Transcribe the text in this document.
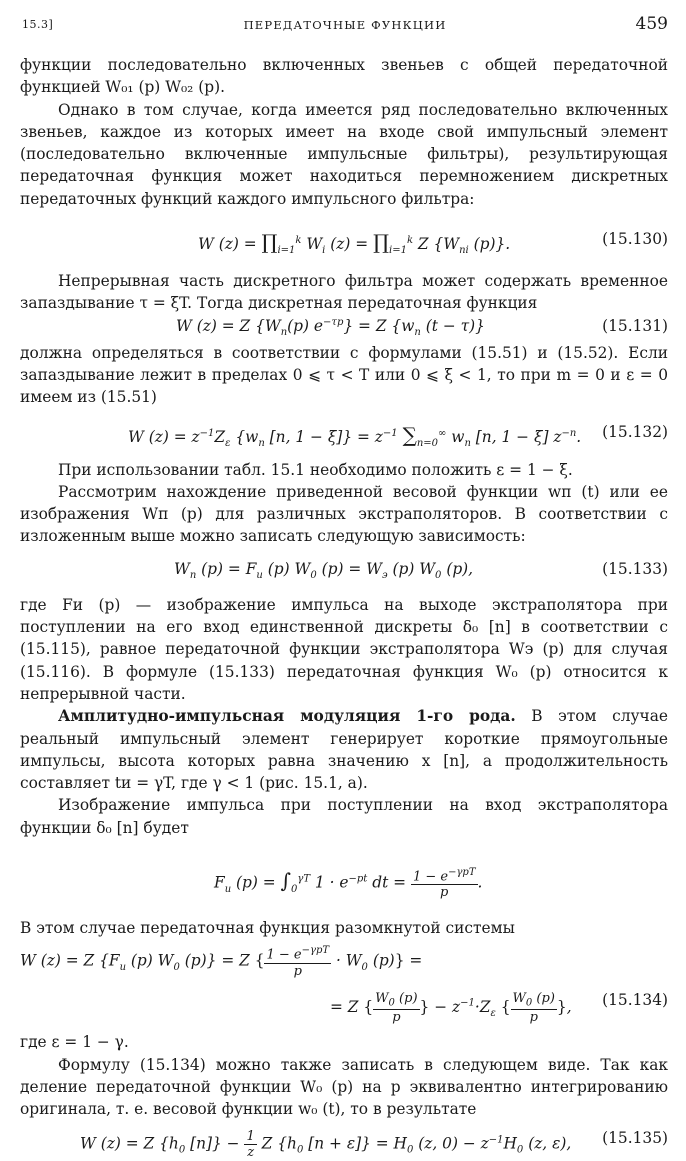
15.3]	ПЕРЕДАТОЧНЫЕ ФУНКЦИИ	459

функции последовательно включенных звеньев с общей передаточной функцией W₀₁ (p) W₀₂ (p).

Однако в том случае, когда имеется ряд последовательно включенных звеньев, каждое из которых имеет на входе свой импульсный элемент (последовательно включенные импульсные фильтры), результирующая передаточная функция может находиться перемножением дискретных передаточных функций каждого импульсного фильтра:

W $(z) = \prod_{i=1}^k$ $W_i$ $(z) = \prod_{i=1}^k$ Z {$W_{пi}$ (p)}.	(15.130)

Непрерывная часть дискретного фильтра может содержать временное запаздывание τ = ξT. Тогда дискретная передаточная функция

W (z) = Z $\{W_п(p) e^{-\tau p}\} = Z$ {$w_п$ (t − τ)}	(15.131)

должна определяться в соответствии с формулами (15.51) и (15.52). Если запаздывание лежит в пределах 0 ⩽ τ < T или 0 ⩽ ξ < 1, то при m = 0 и ε = 0 имеем из (15.51)

W $(z) = z^{-1}Z_\varepsilon$ {$w_п$ [n, $1 - \xi]\} = z^{-1}$ $\sum_{n=0}^\infty$ $w_п$ [n, 1 − ξ] $z^{-n}$. (15.132)

При использовании табл. 15.1 необходимо положить ε = 1 − ξ.

Рассмотрим нахождение приведенной весовой функции wп (t) или ее изображения Wп (p) для различных экстраполяторов. В соответствии с изложенным выше можно записать следующую зависимость:

$W_п$ $(p) = F_и$ (p) $W_0$ $(p) = W_э$ (p) $W_0$ (p),	(15.133)

где Fи (p) — изображение импульса на выходе экстраполятора при поступлении на его вход единственной дискреты δ₀ [n] в соответствии с (15.115), равное передаточной функции экстраполятора Wэ (p) для случая (15.116). В формуле (15.133) передаточная функция W₀ (p) относится к непрерывной части.

Амплитудно-импульсная модуляция 1-го рода. В этом случае реальный импульсный элемент генерирует короткие прямоугольные импульсы, высота которых равна значению x [n], а продолжительность составляет tи = γT, где γ < 1 (рис. 15.1, a).

Изображение импульса при поступлении на вход экстраполятора функции δ₀ [n] будет

$F_и$ $(p) = \int_0^{\gamma T}$ $1 \cdot e^{-pt}$ dt = $\frac{1 - e^{-\gamma pT}}{p}$ .

В этом случае передаточная функция разомкнутой системы

W (z) = Z {$F_и$ (p) $W_0$ (p)} = Z { $\frac{1 - e^{-\gamma pT}}{p} \cdot W_0$ (p)} =
= Z { $\frac{W_0 (p)}{p}$ } − $z^{-1}\cdot Z_\varepsilon$ { $\frac{W_0 (p)}{p}$ }, (15.134)

где ε = 1 − γ.

Формулу (15.134) можно также записать в следующем виде. Так как деление передаточной функции W₀ (p) на p эквивалентно интегрированию оригинала, т. е. весовой функции w₀ (t), то в результате

W (z) = Z {$h_0$ $[n]\} - \frac{1}{z}$ Z {$h_0$ $[n + \varepsilon]\} = H_0$ (z, $0) - z^{-1}H_0$ (z, ε), (15.135)
